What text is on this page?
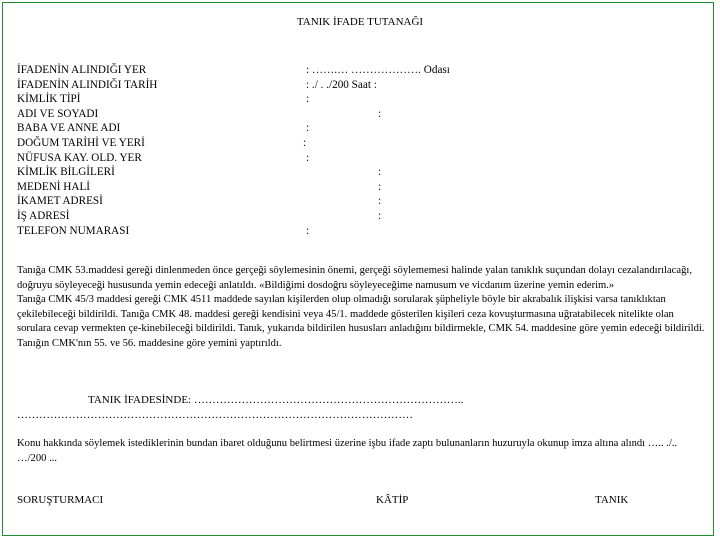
TANIK İFADE TUTANAĞI
İFADENİN ALINDIĞI YER	: …….… ………………. Odası
İFADENİN ALINDIĞI TARİH	: ./ . ./200 Saat :
KİMLİK TİPİ	:
ADI VE SOYADI	:
BABA VE ANNE ADI	:
DOĞUM TARİHİ VE YERİ	:
NÜFUSA KAY. OLD. YER	:
KİMLİK BİLGİLERİ	:
MEDENİ HALİ	:
İKAMET ADRESİ	:
İŞ ADRESİ	:
TELEFON NUMARASI	:

Tanığa CMK 53.maddesi gereği dinlenmeden önce gerçeği söylemesinin önemi, gerçeği söylememesi halinde yalan tanıklık suçundan dolayı cezalandırılacağı, doğruyu söyleyeceği hususunda yemin edeceği anlatıldı. «Bildiğimi dosdoğru söyleyeceğime namusum ve vicdanım üzerine yemin ederim.»

Tanığa CMK 45/3 maddesi gereği CMK 4511 maddede sayılan kişilerden olup olmadığı sorularak şüpheliyle böyle bir akrabalık ilişkisi varsa tanıklıktan çekilebileceği bildirildi. Tanığa CMK 48. maddesi gereği kendisini veya 45/1. maddede gösterilen kişileri ceza kovuşturmasına uğratabilecek nitelikte olan sorulara cevap vermekten çe-kinebileceği bildirildi. Tanık, yukarıda bildirilen hususları anladığını bildirmekle, CMK 54. maddesine göre yemin edeceği bildirildi.

Tanığın CMK'nın 55. ve 56. maddesine göre yemini yaptırıldı.

TANIK İFADESİNDE: ………………………………………………………………..
………………………………………………………………………………………………
Konu hakkında söylemek istediklerinin bundan ibaret olduğunu belirtmesi üzerine işbu ifade zaptı bulunanların huzuruyla okunup imza altına alındı ….. ./.. …/200 ...
SORUŞTURMACI	KÂTİP	TANIK
